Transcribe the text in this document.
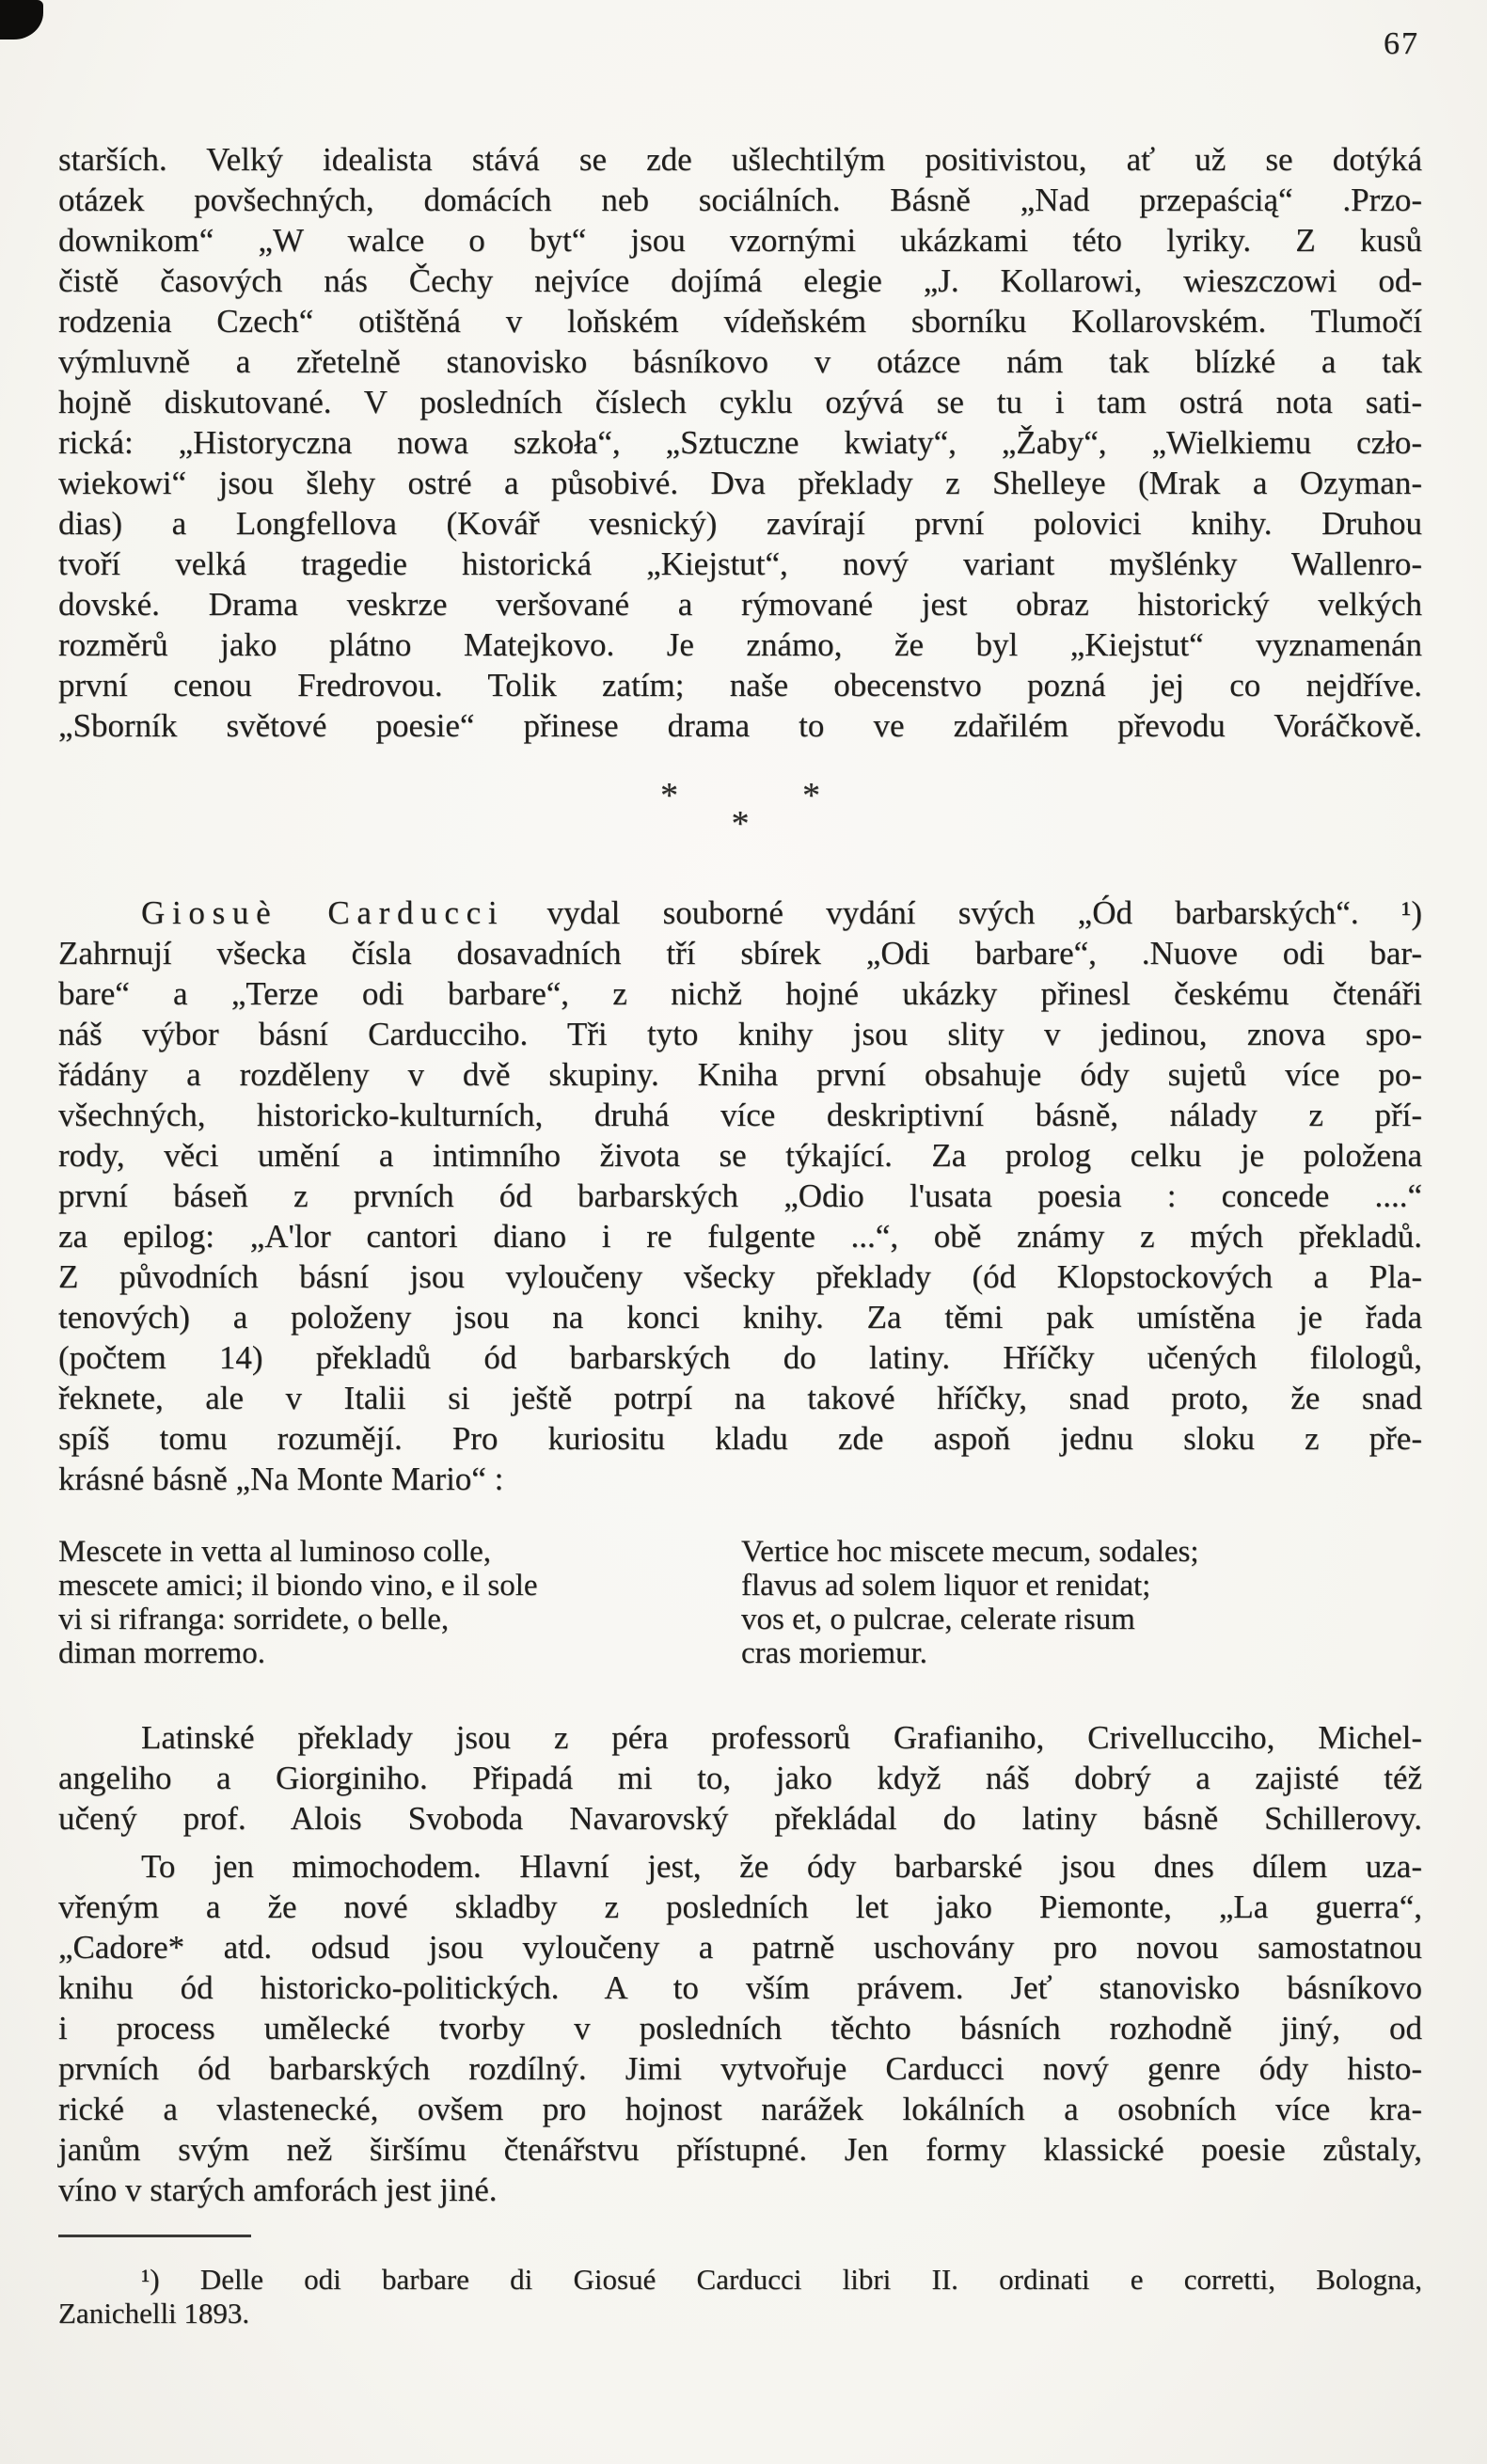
67
starších. Velký idealista stává se zde ušlechtilým positivistou, ať už se dotýká
otázek povšechných, domácích neb sociálních. Básně „Nad przepaścią“ .Przo-
downikom“ „W walce o byt“ jsou vzornými ukázkami této lyriky. Z kusů
čistě časových nás Čechy nejvíce dojímá elegie „J. Kollarowi, wieszczowi od-
rodzenia Czech“ otištěná v loňském vídeňském sborníku Kollarovském. Tlumočí
výmluvně a zřetelně stanovisko básníkovo v otázce nám tak blízké a tak
hojně diskutované. V posledních číslech cyklu ozývá se tu i tam ostrá nota sati-
rická: „Historyczna nowa szkoła“, „Sztuczne kwiaty“, „Žaby“, „Wielkiemu czło-
wiekowi“ jsou šlehy ostré a působivé. Dva překlady z Shelleye (Mrak a Ozyman-
dias) a Longfellova (Kovář vesnický) zavírají první polovici knihy. Druhou
tvoří velká tragedie historická „Kiejstut“, nový variant myšlénky Wallenro-
dovské. Drama veskrze veršované a rýmované jest obraz historický velkých
rozměrů jako plátno Matejkovo. Je známo, že byl „Kiejstut“ vyznamenán
první cenou Fredrovou. Tolik zatím; naše obecenstvo pozná jej co nejdříve.
„Sborník světové poesie“ přinese drama to ve zdařilém převodu Voráčkově.
*	*
*
Giosuè Carducci vydal souborné vydání svých „Ód barbarských“. ¹)
Zahrnují všecka čísla dosavadních tří sbírek „Odi barbare“, .Nuove odi bar-
bare“ a „Terze odi barbare“, z nichž hojné ukázky přinesl českému čtenáři
náš výbor básní Carducciho. Tři tyto knihy jsou slity v jedinou, znova spo-
řádány a rozděleny v dvě skupiny. Kniha první obsahuje ódy sujetů více po-
všechných, historicko-kulturních, druhá více deskriptivní básně, nálady z pří-
rody, věci umění a intimního života se týkající. Za prolog celku je položena
první báseň z prvních ód barbarských „Odio l'usata poesia : concede ....“
za epilog: „A'lor cantori diano i re fulgente ...“, obě známy z mých překladů.
Z původních básní jsou vyloučeny všecky překlady (ód Klopstockových a Pla-
tenových) a položeny jsou na konci knihy. Za těmi pak umístěna je řada
(počtem 14) překladů ód barbarských do latiny. Hříčky učených filologů,
řeknete, ale v Italii si ještě potrpí na takové hříčky, snad proto, že snad
spíš tomu rozumějí. Pro kuriositu kladu zde aspoň jednu sloku z pře-
krásné básně „Na Monte Mario“ :
Mescete in vetta al luminoso colle,
mescete amici; il biondo vino, e il sole
vi si rifranga: sorridete, o belle,
diman morremo.
Vertice hoc miscete mecum, sodales;
flavus ad solem liquor et renidat;
vos et, o pulcrae, celerate risum
cras moriemur.
Latinské překlady jsou z péra professorů Grafianiho, Crivellucciho, Michel-
angeliho a Giorginiho. Připadá mi to, jako když náš dobrý a zajisté též
učený prof. Alois Svoboda Navarovský překládal do latiny básně Schillerovy.
To jen mimochodem. Hlavní jest, že ódy barbarské jsou dnes dílem uza-
vřeným a že nové skladby z posledních let jako Piemonte, „La guerra“,
„Cadore* atd. odsud jsou vyloučeny a patrně uschovány pro novou samostatnou
knihu ód historicko-politických. A to vším právem. Jeť stanovisko básníkovo
i process umělecké tvorby v posledních těchto básních rozhodně jiný, od
prvních ód barbarských rozdílný. Jimi vytvořuje Carducci nový genre ódy histo-
rické a vlastenecké, ovšem pro hojnost narážek lokálních a osobních více kra-
janům svým než širšímu čtenářstvu přístupné. Jen formy klassické poesie zůstaly,
víno v starých amforách jest jiné.
¹) Delle odi barbare di Giosué Carducci libri II. ordinati e corretti, Bologna,
Zanichelli 1893.
